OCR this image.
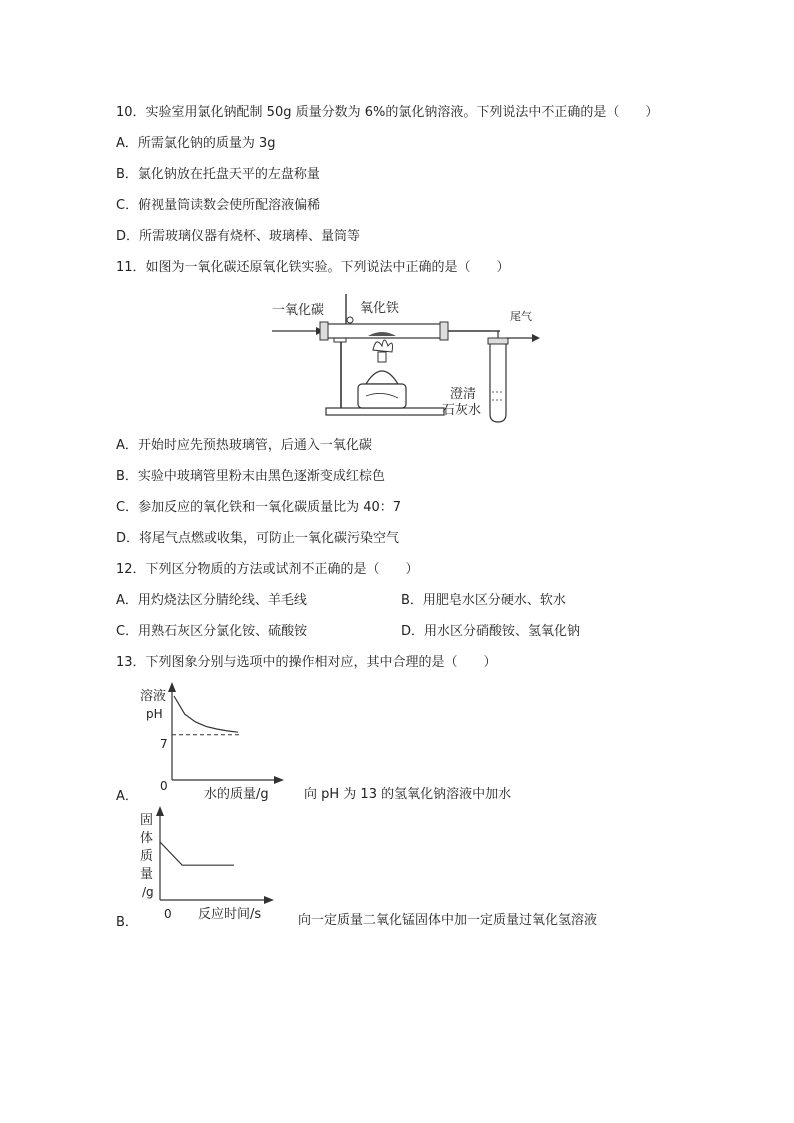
10．实验室用氯化钠配制 50g 质量分数为 6%的氯化钠溶液。下列说法中不正确的是（　　）
A．所需氯化钠的质量为 3g
B．氯化钠放在托盘天平的左盘称量
C．俯视量筒读数会使所配溶液偏稀
D．所需玻璃仪器有烧杯、玻璃棒、量筒等
11．如图为一氧化碳还原氧化铁实验。下列说法中正确的是（　　）
一氧化碳	氧化铁
尾气
澄清
石灰水
A．开始时应先预热玻璃管，后通入一氧化碳
B．实验中玻璃管里粉末由黑色逐渐变成红棕色
C．参加反应的氧化铁和一氧化碳质量比为 40：7
D．将尾气点燃或收集，可防止一氧化碳污染空气
12．下列区分物质的方法或试剂不正确的是（　　）
A．用灼烧法区分腈纶线、羊毛线	B．用肥皂水区分硬水、软水
C．用熟石灰区分氯化铵、硫酸铵	D．用水区分硝酸铵、氢氧化钠
13．下列图象分别与选项中的操作相对应，其中合理的是（　　）
溶液
pH
7
0
水的质量/g
A．	向 pH 为 13 的氢氧化钠溶液中加水
固
体
质
量
/g
0 反应时间/s
B．	向一定质量二氧化锰固体中加一定质量过氧化氢溶液
